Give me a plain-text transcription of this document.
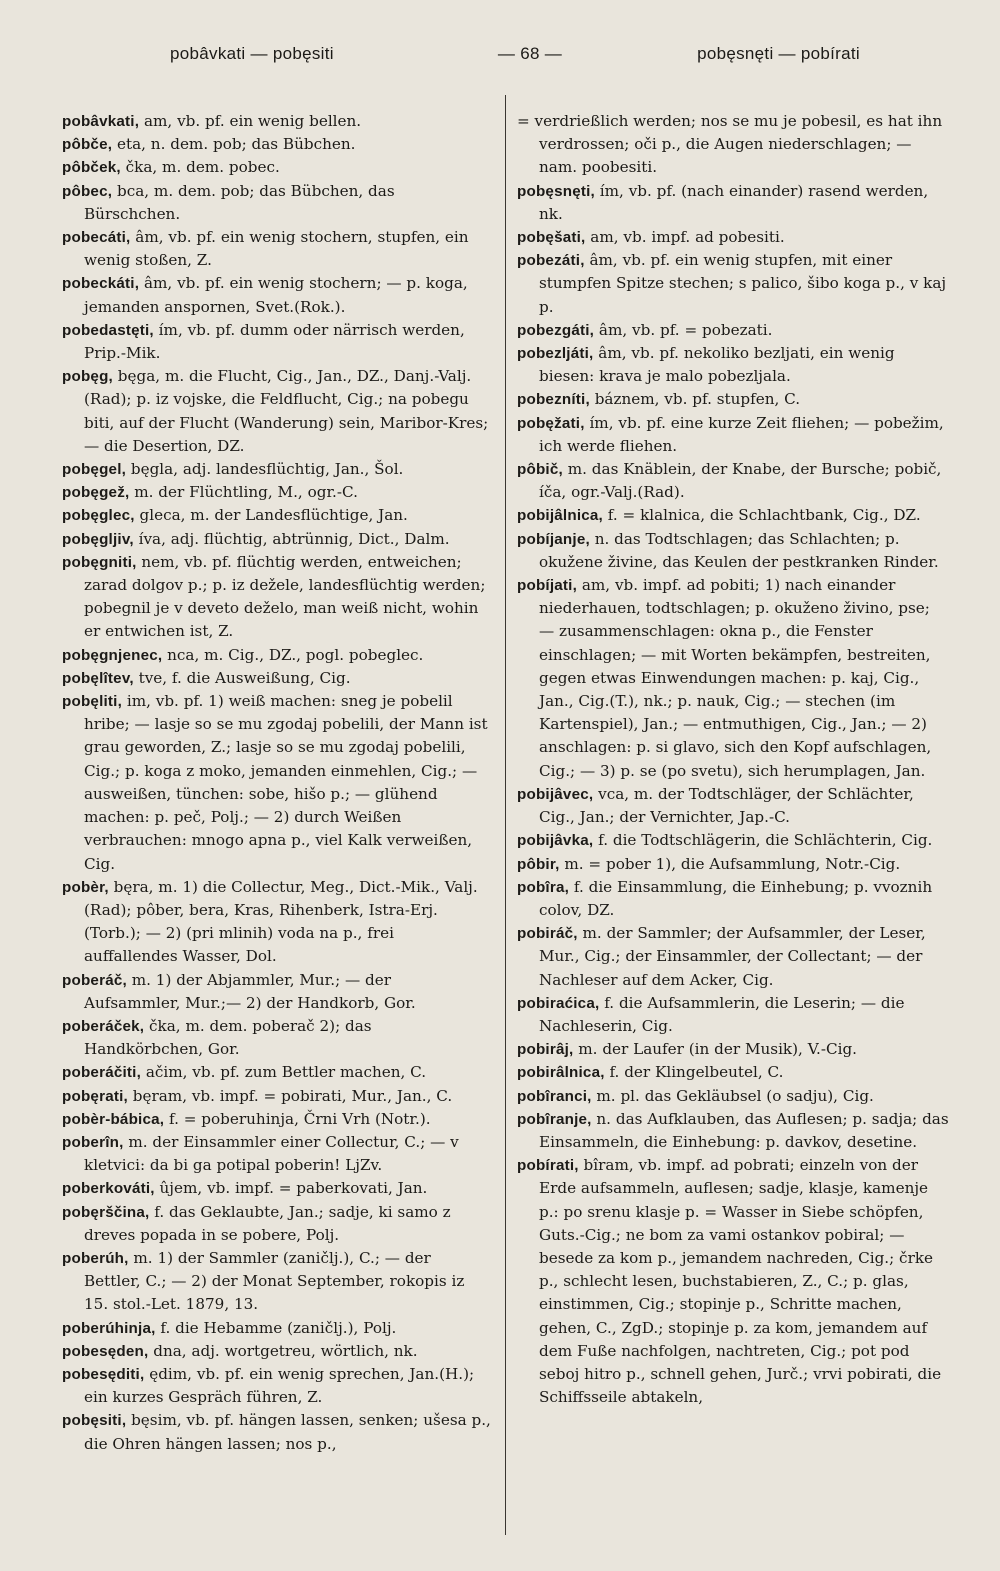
pobâvkati — pobęsiti	— 68 —	pobęsnęti — pobírati

pobâvkati, am, vb. pf. ein wenig bellen.

pôbče, eta, n. dem. pob; das Bübchen.

pôbček, čka, m. dem. pobec.

pôbec, bca, m. dem. pob; das Bübchen, das Bürschchen.

pobecáti, âm, vb. pf. ein wenig stochern, stupfen, ein wenig stoßen, Z.

pobeckáti, âm, vb. pf. ein wenig stochern; — p. koga, jemanden anspornen, Svet.(Rok.).

pobedastęti, ím, vb. pf. dumm oder närrisch werden, Prip.-Mik.

pobęg, bęga, m. die Flucht, Cig., Jan., DZ., Danj.-Valj.(Rad); p. iz vojske, die Feldflucht, Cig.; na pobegu biti, auf der Flucht (Wanderung) sein, Maribor-Kres; — die Desertion, DZ.

pobęgel, bęgla, adj. landesflüchtig, Jan., Šol.

pobęgež, m. der Flüchtling, M., ogr.-C.

pobęglec, gleca, m. der Landesflüchtige, Jan.

pobęgljiv, íva, adj. flüchtig, abtrünnig, Dict., Dalm.

pobęgniti, nem, vb. pf. flüchtig werden, entweichen; zarad dolgov p.; p. iz dežele, landesflüchtig werden; pobegnil je v deveto deželo, man weiß nicht, wohin er entwichen ist, Z.

pobęgnjenec, nca, m. Cig., DZ., pogl. pobeglec.

pobęlîtev, tve, f. die Ausweißung, Cig.

pobęliti, im, vb. pf. 1) weiß machen: sneg je pobelil hribe; — lasje so se mu zgodaj pobelili, der Mann ist grau geworden, Z.; lasje so se mu zgodaj pobelili, Cig.; p. koga z moko, jemanden einmehlen, Cig.; — ausweißen, tünchen: sobe, hišo p.; — glühend machen: p. peč, Polj.; — 2) durch Weißen verbrauchen: mnogo apna p., viel Kalk verweißen, Cig.

pobèr, bęra, m. 1) die Collectur, Meg., Dict.-Mik., Valj.(Rad); pôber, bera, Kras, Rihenberk, Istra-Erj.(Torb.); — 2) (pri mlinih) voda na p., frei auffallendes Wasser, Dol.

poberáč, m. 1) der Abjammler, Mur.; — der Aufsammler, Mur.;— 2) der Handkorb, Gor.

poberáček, čka, m. dem. poberač 2); das Handkörbchen, Gor.

poberáčiti, ačim, vb. pf. zum Bettler machen, C.

pobęrati, bęram, vb. impf. = pobirati, Mur., Jan., C.

pobèr-bábica, f. = poberuhinja, Črni Vrh (Notr.).

poberîn, m. der Einsammler einer Collectur, C.; — v kletvici: da bi ga potipal poberin! LjZv.

poberkováti, ûjem, vb. impf. = paberkovati, Jan.

pobęrščina, f. das Geklaubte, Jan.; sadje, ki samo z dreves popada in se pobere, Polj.

poberúh, m. 1) der Sammler (zaničlj.), C.; — der Bettler, C.; — 2) der Monat September, rokopis iz 15. stol.-Let. 1879, 13.

poberúhinja, f. die Hebamme (zaničlj.), Polj.

pobesęden, dna, adj. wortgetreu, wörtlich, nk.

pobesęditi, ędim, vb. pf. ein wenig sprechen, Jan.(H.); ein kurzes Gespräch führen, Z.

pobęsiti, bęsim, vb. pf. hängen lassen, senken; ušesa p., die Ohren hängen lassen; nos p.,

= verdrießlich werden; nos se mu je pobesil, es hat ihn verdrossen; oči p., die Augen niederschlagen; — nam. poobesiti.

pobęsnęti, ím, vb. pf. (nach einander) rasend werden, nk.

pobęšati, am, vb. impf. ad pobesiti.

pobezáti, âm, vb. pf. ein wenig stupfen, mit einer stumpfen Spitze stechen; s palico, šibo koga p., v kaj p.

pobezgáti, âm, vb. pf. = pobezati.

pobezljáti, âm, vb. pf. nekoliko bezljati, ein wenig biesen: krava je malo pobezljala.

pobezníti, báznem, vb. pf. stupfen, C.

pobęžati, ím, vb. pf. eine kurze Zeit fliehen; — pobežim, ich werde fliehen.

pôbič, m. das Knäblein, der Knabe, der Bursche; pobič, íča, ogr.-Valj.(Rad).

pobijâlnica, f. = klalnica, die Schlachtbank, Cig., DZ.

pobíjanje, n. das Todtschlagen; das Schlachten; p. okužene živine, das Keulen der pestkranken Rinder.

pobíjati, am, vb. impf. ad pobiti; 1) nach einander niederhauen, todtschlagen; p. okuženo živino, pse; — zusammenschlagen: okna p., die Fenster einschlagen; — mit Worten bekämpfen, bestreiten, gegen etwas Einwendungen machen: p. kaj, Cig., Jan., Cig.(T.), nk.; p. nauk, Cig.; — stechen (im Kartenspiel), Jan.; — entmuthigen, Cig., Jan.; — 2) anschlagen: p. si glavo, sich den Kopf aufschlagen, Cig.; — 3) p. se (po svetu), sich herumplagen, Jan.

pobijâvec, vca, m. der Todtschläger, der Schlächter, Cig., Jan.; der Vernichter, Jap.-C.

pobijâvka, f. die Todtschlägerin, die Schlächterin, Cig.

pôbir, m. = pober 1), die Aufsammlung, Notr.-Cig.

pobîra, f. die Einsammlung, die Einhebung; p. vvoznih colov, DZ.

pobiráč, m. der Sammler; der Aufsammler, der Leser, Mur., Cig.; der Einsammler, der Collectant; — der Nachleser auf dem Acker, Cig.

pobiraćica, f. die Aufsammlerin, die Leserin; — die Nachleserin, Cig.

pobirâj, m. der Laufer (in der Musik), V.-Cig.

pobirâlnica, f. der Klingelbeutel, C.

pobîranci, m. pl. das Gekläubsel (o sadju), Cig.

pobîranje, n. das Aufklauben, das Auflesen; p. sadja; das Einsammeln, die Einhebung: p. davkov, desetine.

pobírati, bîram, vb. impf. ad pobrati; einzeln von der Erde aufsammeln, auflesen; sadje, klasje, kamenje p.: po srenu klasje p. = Wasser in Siebe schöpfen, Guts.-Cig.; ne bom za vami ostankov pobiral; — besede za kom p., jemandem nachreden, Cig.; črke p., schlecht lesen, buchstabieren, Z., C.; p. glas, einstimmen, Cig.; stopinje p., Schritte machen, gehen, C., ZgD.; stopinje p. za kom, jemandem auf dem Fuße nachfolgen, nachtreten, Cig.; pot pod seboj hitro p., schnell gehen, Jurč.; vrvi pobirati, die Schiffsseile abtakeln,
